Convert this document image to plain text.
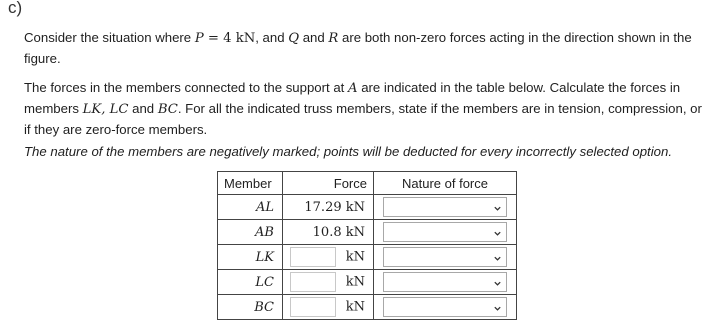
c)
Consider the situation where P = 4 kN, and Q and R are both non-zero forces acting in the direction shown in the figure.
The forces in the members connected to the support at A are indicated in the table below. Calculate the forces in members LK, LC and BC. For all the indicated truss members, state if the members are in tension, compression, or if they are zero-force members.
The nature of the members are negatively marked; points will be deducted for every incorrectly selected option.
Member	Force	Nature of force
AL	17.29 kN	

AB	10.8 kN	

LK	kN	

LC	kN	

BC	kN	
